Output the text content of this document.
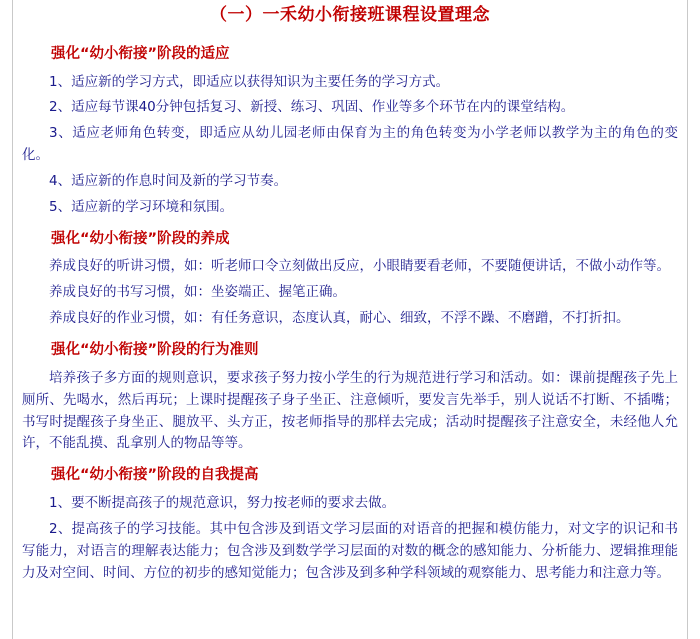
（一）一禾幼小衔接班课程设置理念
强化“幼小衔接”阶段的适应

1、适应新的学习方式，即适应以获得知识为主要任务的学习方式。

2、适应每节课40分钟包括复习、新授、练习、巩固、作业等多个环节在内的课堂结构。

3、适应老师角色转变，即适应从幼儿园老师由保育为主的角色转变为小学老师以教学为主的角色的变化。

4、适应新的作息时间及新的学习节奏。

5、适应新的学习环境和氛围。

强化“幼小衔接”阶段的养成

养成良好的听讲习惯，如：听老师口令立刻做出反应，小眼睛要看老师，不要随便讲话，不做小动作等。

养成良好的书写习惯，如：坐姿端正、握笔正确。

养成良好的作业习惯，如：有任务意识，态度认真，耐心、细致，不浮不躁、不磨蹭，不打折扣。

强化“幼小衔接”阶段的行为准则

培养孩子多方面的规则意识，要求孩子努力按小学生的行为规范进行学习和活动。如：课前提醒孩子先上厕所、先喝水，然后再玩；上课时提醒孩子身子坐正、注意倾听，要发言先举手，别人说话不打断、不插嘴；书写时提醒孩子身坐正、腿放平、头方正，按老师指导的那样去完成；活动时提醒孩子注意安全，未经他人允许，不能乱摸、乱拿别人的物品等等。

强化“幼小衔接”阶段的自我提高

1、要不断提高孩子的规范意识，努力按老师的要求去做。

2、提高孩子的学习技能。其中包含涉及到语文学习层面的对语音的把握和模仿能力，对文字的识记和书写能力，对语言的理解表达能力；包含涉及到数学学习层面的对数的概念的感知能力、分析能力、逻辑推理能力及对空间、时间、方位的初步的感知觉能力；包含涉及到多种学科领域的观察能力、思考能力和注意力等。
